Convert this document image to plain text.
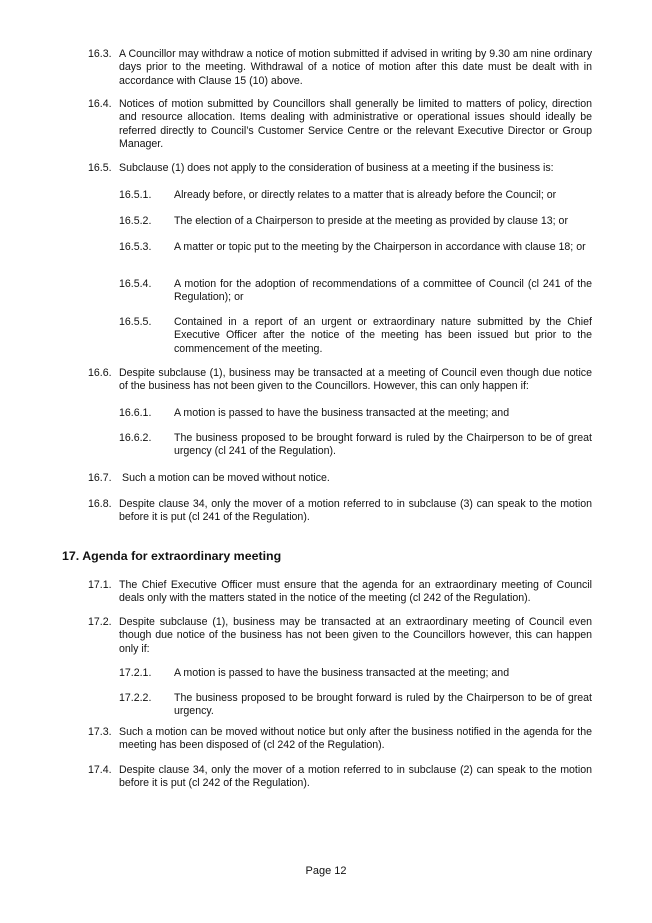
16.3. A Councillor may withdraw a notice of motion submitted if advised in writing by 9.30 am nine ordinary days prior to the meeting. Withdrawal of a notice of motion after this date must be dealt with in accordance with Clause 15 (10) above.
16.4. Notices of motion submitted by Councillors shall generally be limited to matters of policy, direction and resource allocation. Items dealing with administrative or operational issues should ideally be referred directly to Council’s Customer Service Centre or the relevant Executive Director or Group Manager.
16.5. Subclause (1) does not apply to the consideration of business at a meeting if the business is:
16.5.1. Already before, or directly relates to a matter that is already before the Council; or
16.5.2. The election of a Chairperson to preside at the meeting as provided by clause 13; or
16.5.3. A matter or topic put to the meeting by the Chairperson in accordance with clause 18; or
16.5.4. A motion for the adoption of recommendations of a committee of Council (cl 241 of the Regulation); or
16.5.5. Contained in a report of an urgent or extraordinary nature submitted by the Chief Executive Officer after the notice of the meeting has been issued but prior to the commencement of the meeting.
16.6. Despite subclause (1), business may be transacted at a meeting of Council even though due notice of the business has not been given to the Councillors. However, this can only happen if:
16.6.1. A motion is passed to have the business transacted at the meeting; and
16.6.2. The business proposed to be brought forward is ruled by the Chairperson to be of great urgency (cl 241 of the Regulation).
16.7. Such a motion can be moved without notice.
16.8. Despite clause 34, only the mover of a motion referred to in subclause (3) can speak to the motion before it is put (cl 241 of the Regulation).
17. Agenda for extraordinary meeting
17.1. The Chief Executive Officer must ensure that the agenda for an extraordinary meeting of Council deals only with the matters stated in the notice of the meeting (cl 242 of the Regulation).
17.2. Despite subclause (1), business may be transacted at an extraordinary meeting of Council even though due notice of the business has not been given to the Councillors however, this can happen only if:
17.2.1. A motion is passed to have the business transacted at the meeting; and
17.2.2. The business proposed to be brought forward is ruled by the Chairperson to be of great urgency.
17.3. Such a motion can be moved without notice but only after the business notified in the agenda for the meeting has been disposed of (cl 242 of the Regulation).
17.4. Despite clause 34, only the mover of a motion referred to in subclause (2) can speak to the motion before it is put (cl 242 of the Regulation).
Page 12
